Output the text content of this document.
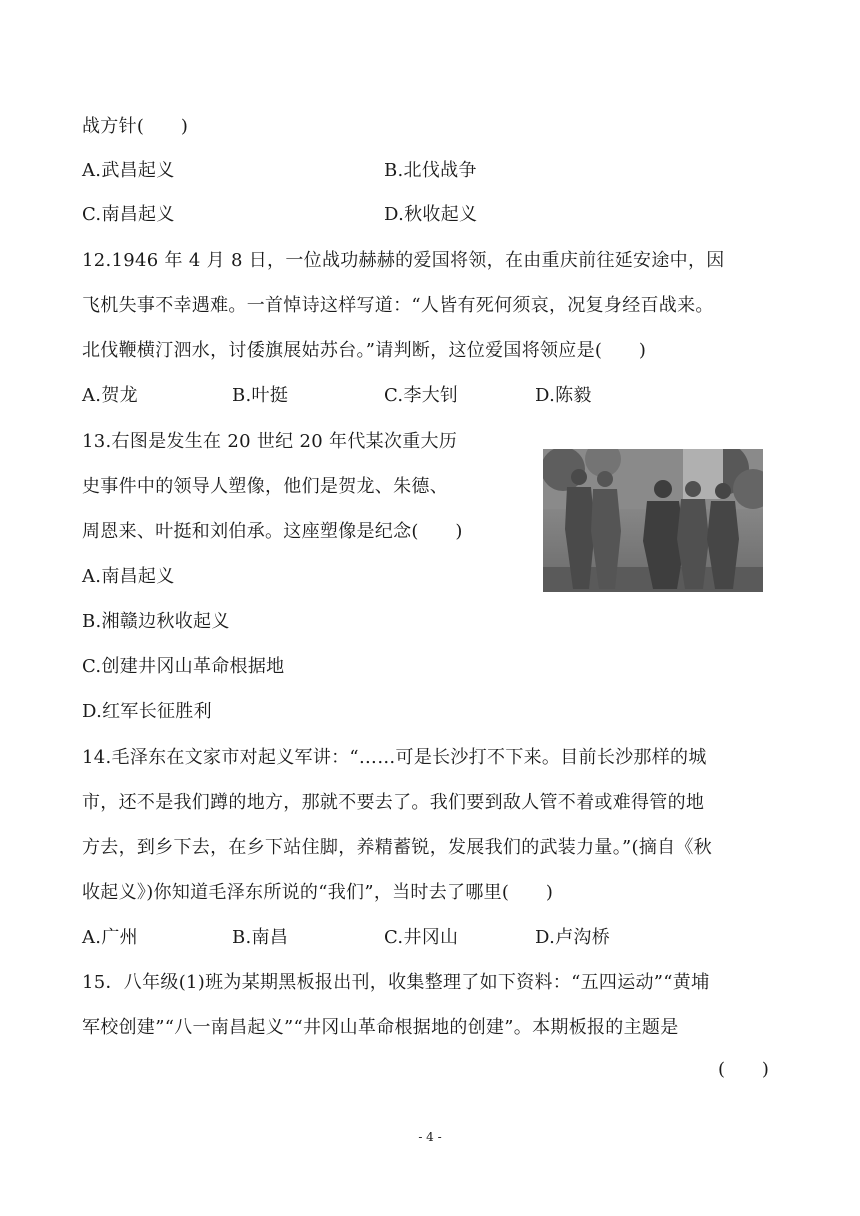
战方针(　　)
A.武昌起义	B.北伐战争
C.南昌起义	D.秋收起义
12.1946 年 4 月 8 日，一位战功赫赫的爱国将领，在由重庆前往延安途中，因
飞机失事不幸遇难。一首悼诗这样写道：“人皆有死何须哀，况复身经百战来。
北伐鞭横汀泗水，讨倭旗展姑苏台。”请判断，这位爱国将领应是(　　)
A.贺龙	B.叶挺	C.李大钊	D.陈毅
13.右图是发生在 20 世纪 20 年代某次重大历
史事件中的领导人塑像，他们是贺龙、朱德、
周恩来、叶挺和刘伯承。这座塑像是纪念(　　)
A.南昌起义
B.湘赣边秋收起义
C.创建井冈山革命根据地
D.红军长征胜利
14.毛泽东在文家市对起义军讲：“……可是长沙打不下来。目前长沙那样的城
市，还不是我们蹲的地方，那就不要去了。我们要到敌人管不着或难得管的地
方去，到乡下去，在乡下站住脚，养精蓄锐，发展我们的武装力量。”(摘自《秋
收起义》)你知道毛泽东所说的“我们”，当时去了哪里(　　)
A.广州	B.南昌	C.井冈山	D.卢沟桥
15．八年级(1)班为某期黑板报出刊，收集整理了如下资料：“五四运动”“黄埔
军校创建”“八一南昌起义”“井冈山革命根据地的创建”。本期板报的主题是
(　　)
- 4 -
